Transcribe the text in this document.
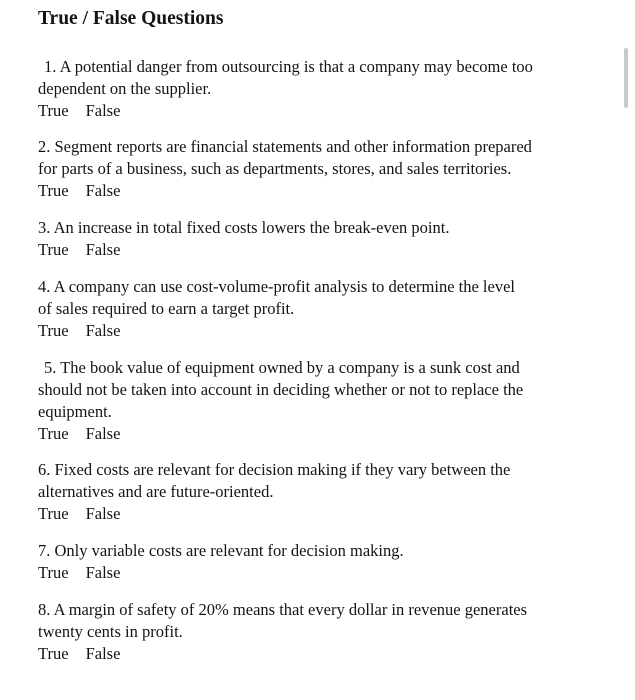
True / False Questions
1. A potential danger from outsourcing is that a company may become too
dependent on the supplier.
True False
2. Segment reports are financial statements and other information prepared
for parts of a business, such as departments, stores, and sales territories.
True False
3. An increase in total fixed costs lowers the break-even point.
True False
4. A company can use cost-volume-profit analysis to determine the level
of sales required to earn a target profit.
True False
5. The book value of equipment owned by a company is a sunk cost and
should not be taken into account in deciding whether or not to replace the
equipment.
True False
6. Fixed costs are relevant for decision making if they vary between the
alternatives and are future-oriented.
True False
7. Only variable costs are relevant for decision making.
True False
8. A margin of safety of 20% means that every dollar in revenue generates
twenty cents in profit.
True False
